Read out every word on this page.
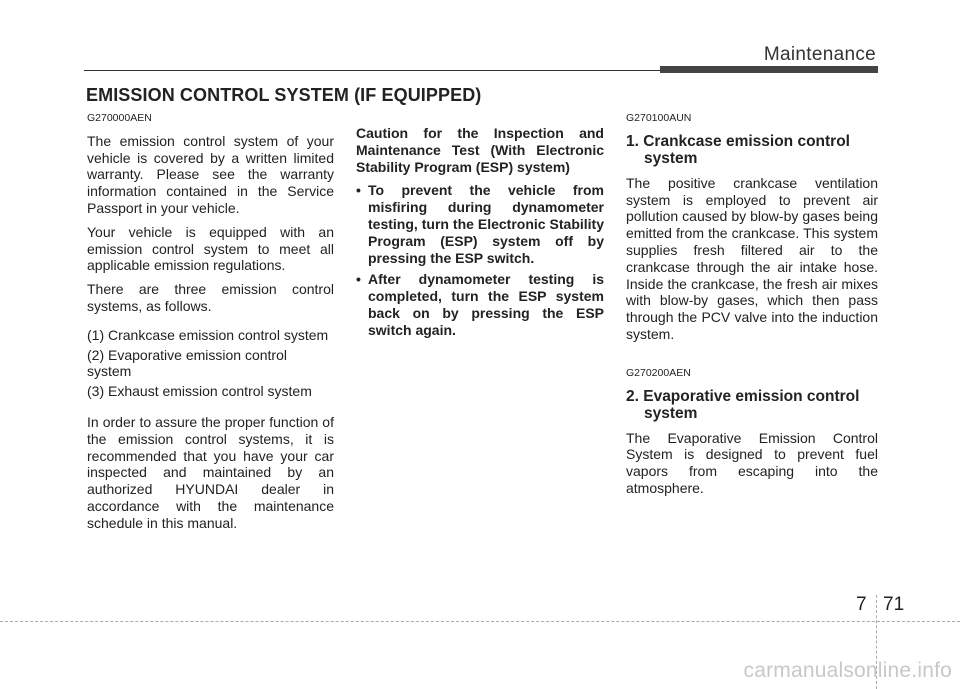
Maintenance
EMISSION CONTROL SYSTEM (IF EQUIPPED)
G270000AEN

The emission control system of your vehicle is covered by a written limited warranty. Please see the warranty information contained in the Service Passport in your vehicle.

Your vehicle is equipped with an emission control system to meet all applicable emission regulations.

There are three emission control systems, as follows.

(1) Crankcase emission control system
(2) Evaporative emission control system
(3) Exhaust emission control system

In order to assure the proper function of the emission control systems, it is recommended that you have your car inspected and maintained by an authorized HYUNDAI dealer in accordance with the maintenance schedule in this manual.

Caution for the Inspection and Maintenance Test (With Electronic Stability Program (ESP) system)

• To prevent the vehicle from misfiring during dynamometer testing, turn the Electronic Stability Program (ESP) system off by pressing the ESP switch.
• After dynamometer testing is completed, turn the ESP system back on by pressing the ESP switch again.
G270100AUN
1. Crankcase emission control system

The positive crankcase ventilation system is employed to prevent air pollution caused by blow-by gases being emitted from the crankcase. This system supplies fresh filtered air to the crankcase through the air intake hose. Inside the crankcase, the fresh air mixes with blow-by gases, which then pass through the PCV valve into the induction system.

G270200AEN
2. Evaporative emission control system

The Evaporative Emission Control System is designed to prevent fuel vapors from escaping into the atmosphere.

7 71
carmanualsonline.info
